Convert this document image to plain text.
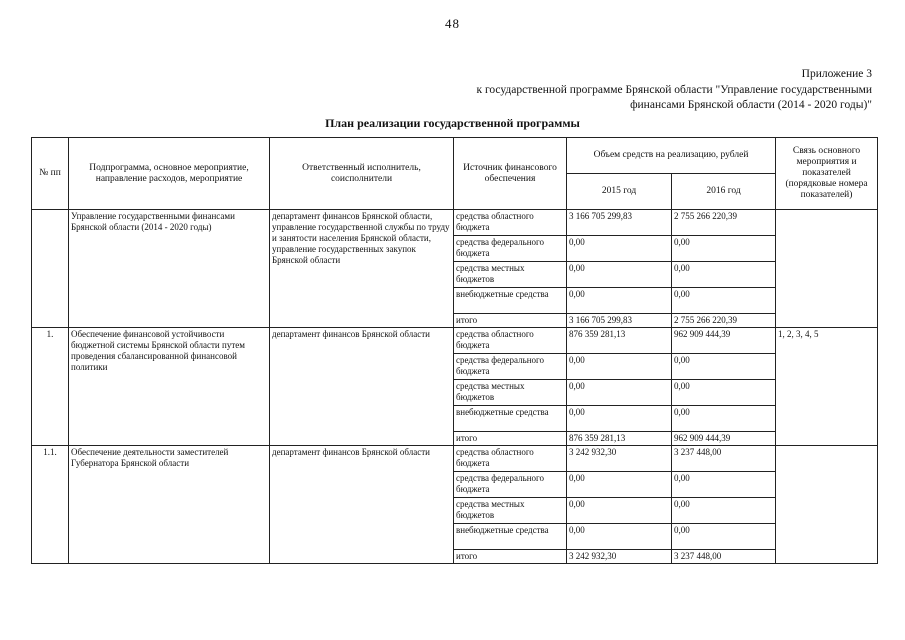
48
Приложение 3
к государственной программе Брянской области "Управление государственными
финансами Брянской области (2014 - 2020 годы)"
План реализации государственной программы
№ пп	Подпрограмма, основное мероприятие, направление расходов, мероприятие	Ответственный исполнитель, соисполнители	Источник финансового обеспечения	Объем средств на реализацию, рублей		Связь основного мероприятия и показателей (порядковые номера показателей)
				2015 год	2016 год	
	Управление государственными финансами Брянской области (2014 - 2020 годы)	департамент финансов Брянской области, управление государственной службы по труду и занятости населения Брянской области, управление государственных закупок Брянской области	средства областного бюджета	3 166 705 299,83	2 755 266 220,39	
			средства федерального бюджета	0,00	0,00	
			средства местных бюджетов	0,00	0,00	
			внебюджетные средства	0,00	0,00	
			итого	3 166 705 299,83	2 755 266 220,39	
1.	Обеспечение финансовой устойчивости бюджетной системы Брянской области путем проведения сбалансированной финансовой политики	департамент финансов Брянской области	средства областного бюджета	876 359 281,13	962 909 444,39	1, 2, 3, 4, 5
			средства федерального бюджета	0,00	0,00	
			средства местных бюджетов	0,00	0,00	
			внебюджетные средства	0,00	0,00	
			итого	876 359 281,13	962 909 444,39	
1.1.	Обеспечение деятельности заместителей Губернатора Брянской области	департамент финансов Брянской области	средства областного бюджета	3 242 932,30	3 237 448,00	
			средства федерального бюджета	0,00	0,00	
			средства местных бюджетов	0,00	0,00	
			внебюджетные средства	0,00	0,00	
			итого	3 242 932,30	3 237 448,00	
